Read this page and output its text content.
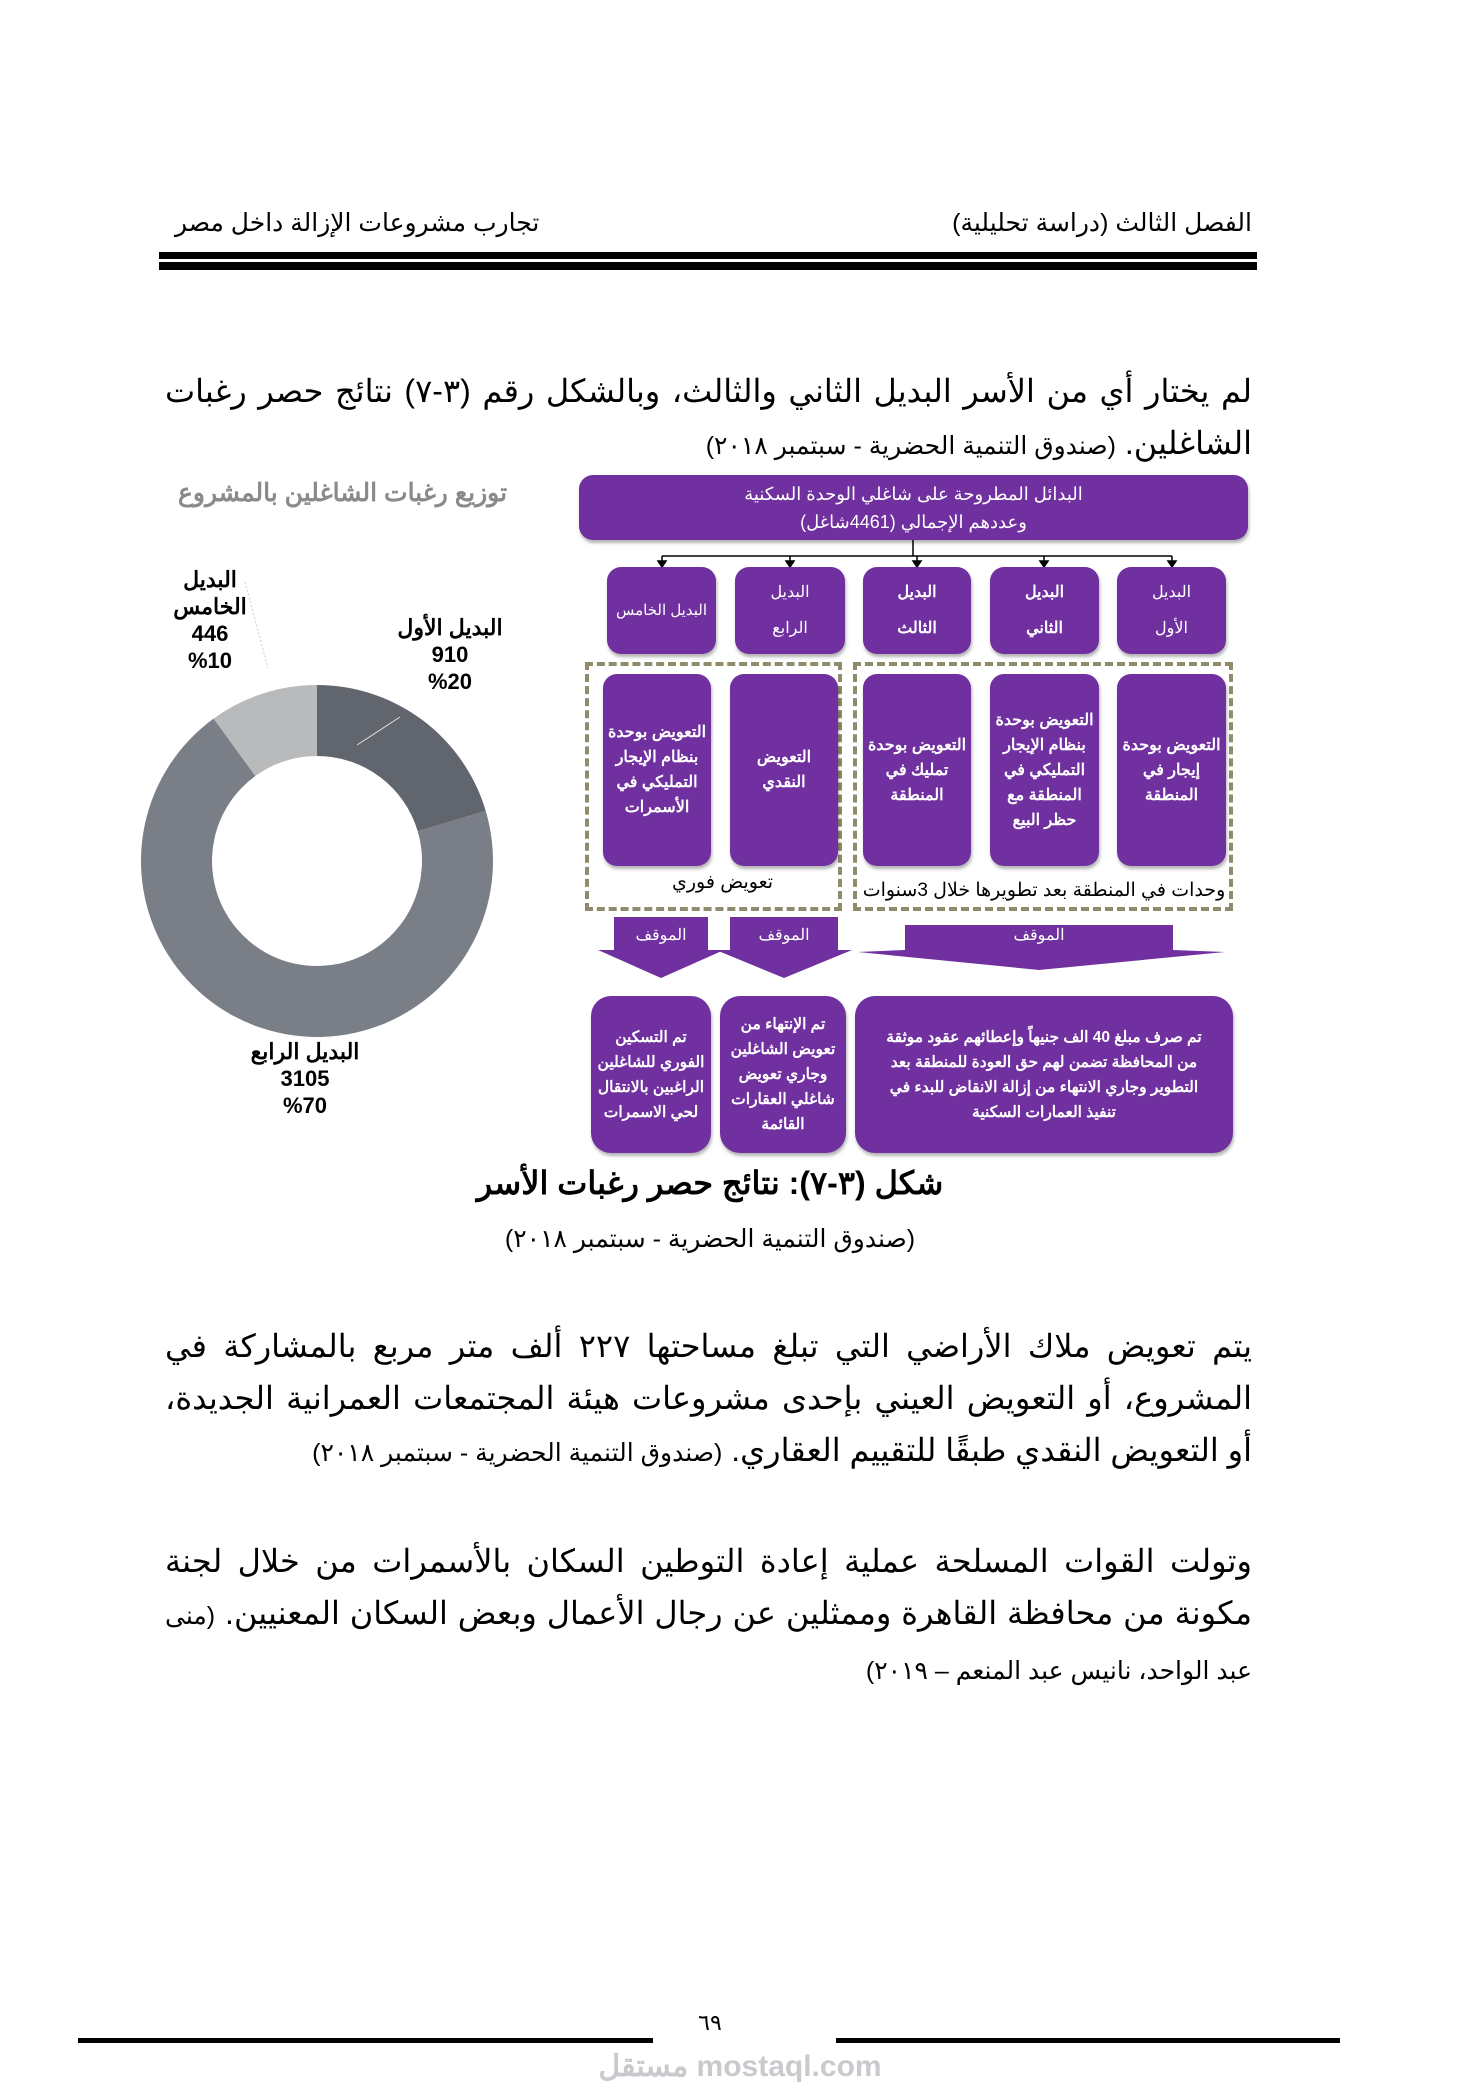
الفصل الثالث (دراسة تحليلية)
تجارب مشروعات الإزالة داخل مصر
لم يختار أي من الأسر البديل الثاني والثالث، وبالشكل رقم (٣-٧) نتائج حصر رغبات الشاغلين. (صندوق التنمية الحضرية - سبتمبر ٢٠١٨)
توزيع رغبات الشاغلين بالمشروع
البديل الأول
910
%20
البديل الخامس
446
%10
البديل الرابع
3105
%70
البدائل المطروحة على شاغلي الوحدة السكنية
وعددهم الإجمالي (4461شاغل)
البديل الأول
البديل الثاني
البديل الثالث
البديل الرابع
البديل الخامس
التعويض بوحدة إيجار في المنطقة
التعويض بوحدة بنظام الإيجار التمليكي في المنطقة مع حظر البيع
التعويض بوحدة تمليك في المنطقة
التعويض النقدي
التعويض بوحدة بنظام الإيجار التمليكي في الأسمرات
وحدات في المنطقة بعد تطويرها خلال 3سنوات
تعويض فوري
الموقف	الموقف	الموقف
تم صرف مبلغ 40 الف جنيهاً وإعطائهم عقود موثقة من المحافظة تضمن لهم حق العودة للمنطقة بعد التطوير وجاري الانتهاء من إزالة الانقاض للبدء في تنفيذ العمارات السكنية
تم الإنتهاء من تعويض الشاغلين وجاري تعويض شاغلي العقارات القائمة
تم التسكين الفوري للشاغلين الراغبين بالانتقال لحي الاسمرات
شكل (٣-٧): نتائج حصر رغبات الأسر
(صندوق التنمية الحضرية - سبتمبر ٢٠١٨)
يتم تعويض ملاك الأراضي التي تبلغ مساحتها ٢٢٧ ألف متر مربع بالمشاركة في المشروع، أو التعويض العيني بإحدى مشروعات هيئة المجتمعات العمرانية الجديدة، أو التعويض النقدي طبقًا للتقييم العقاري. (صندوق التنمية الحضرية - سبتمبر ٢٠١٨)
وتولت القوات المسلحة عملية إعادة التوطين السكان بالأسمرات من خلال لجنة مكونة من محافظة القاهرة وممثلين عن رجال الأعمال وبعض السكان المعنيين. (منى عبد الواحد، نانيس عبد المنعم – ٢٠١٩)
مستقل mostaql.com
٦٩
